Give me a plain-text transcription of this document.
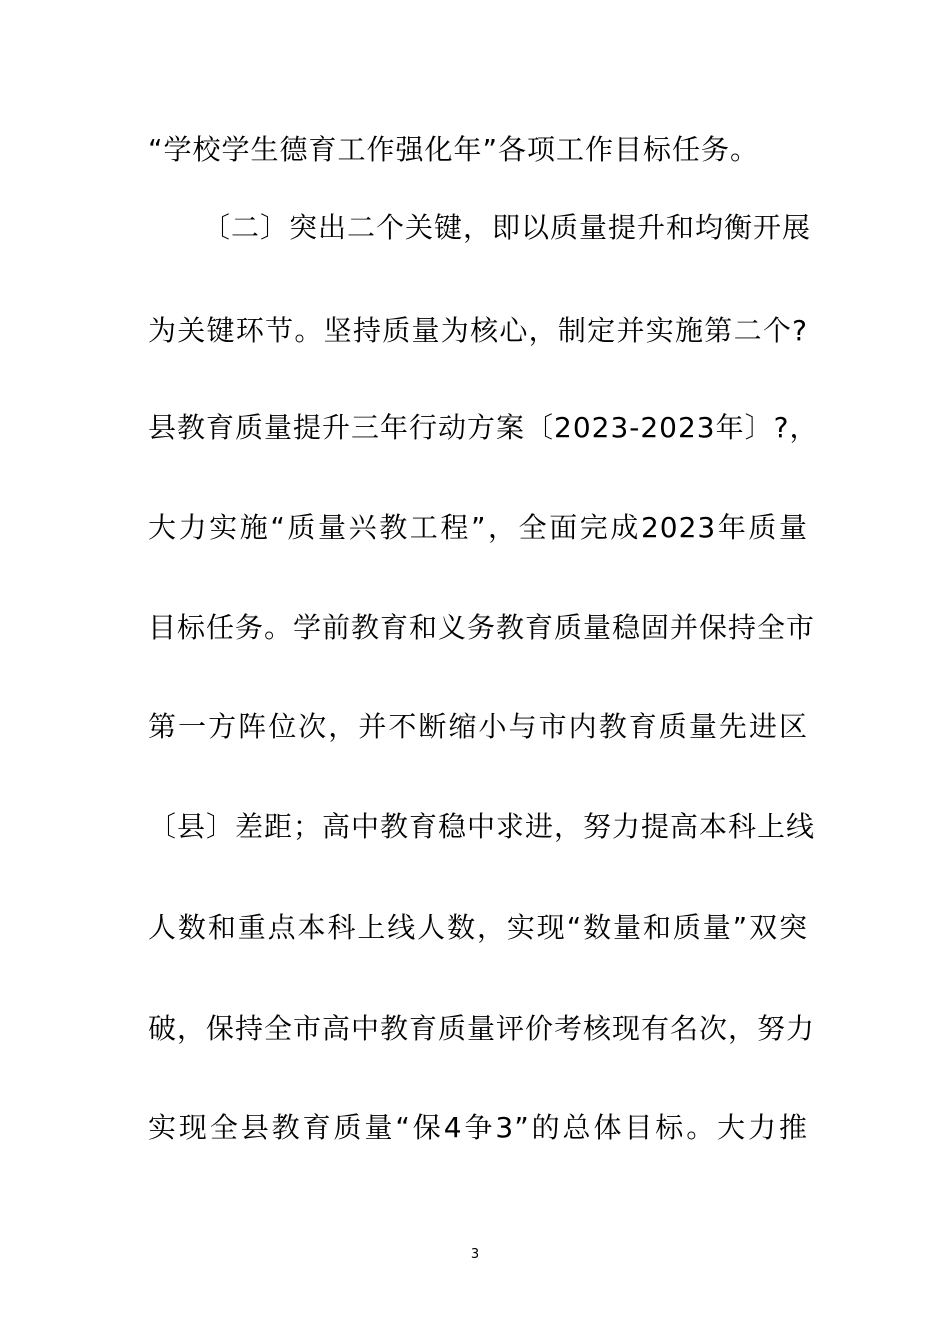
“学校学生德育工作强化年”各项工作目标任务。
〔二〕突出二个关键，即以质量提升和均衡开展
为关键环节。坚持质量为核心，制定并实施第二个?
县教育质量提升三年行动方案〔2023-2023年〕?，
大力实施“质量兴教工程”，全面完成2023年质量
目标任务。学前教育和义务教育质量稳固并保持全市
第一方阵位次，并不断缩小与市内教育质量先进区
〔县〕差距；高中教育稳中求进，努力提高本科上线
人数和重点本科上线人数，实现“数量和质量”双突
破，保持全市高中教育质量评价考核现有名次，努力
实现全县教育质量“保4争3”的总体目标。大力推
3
